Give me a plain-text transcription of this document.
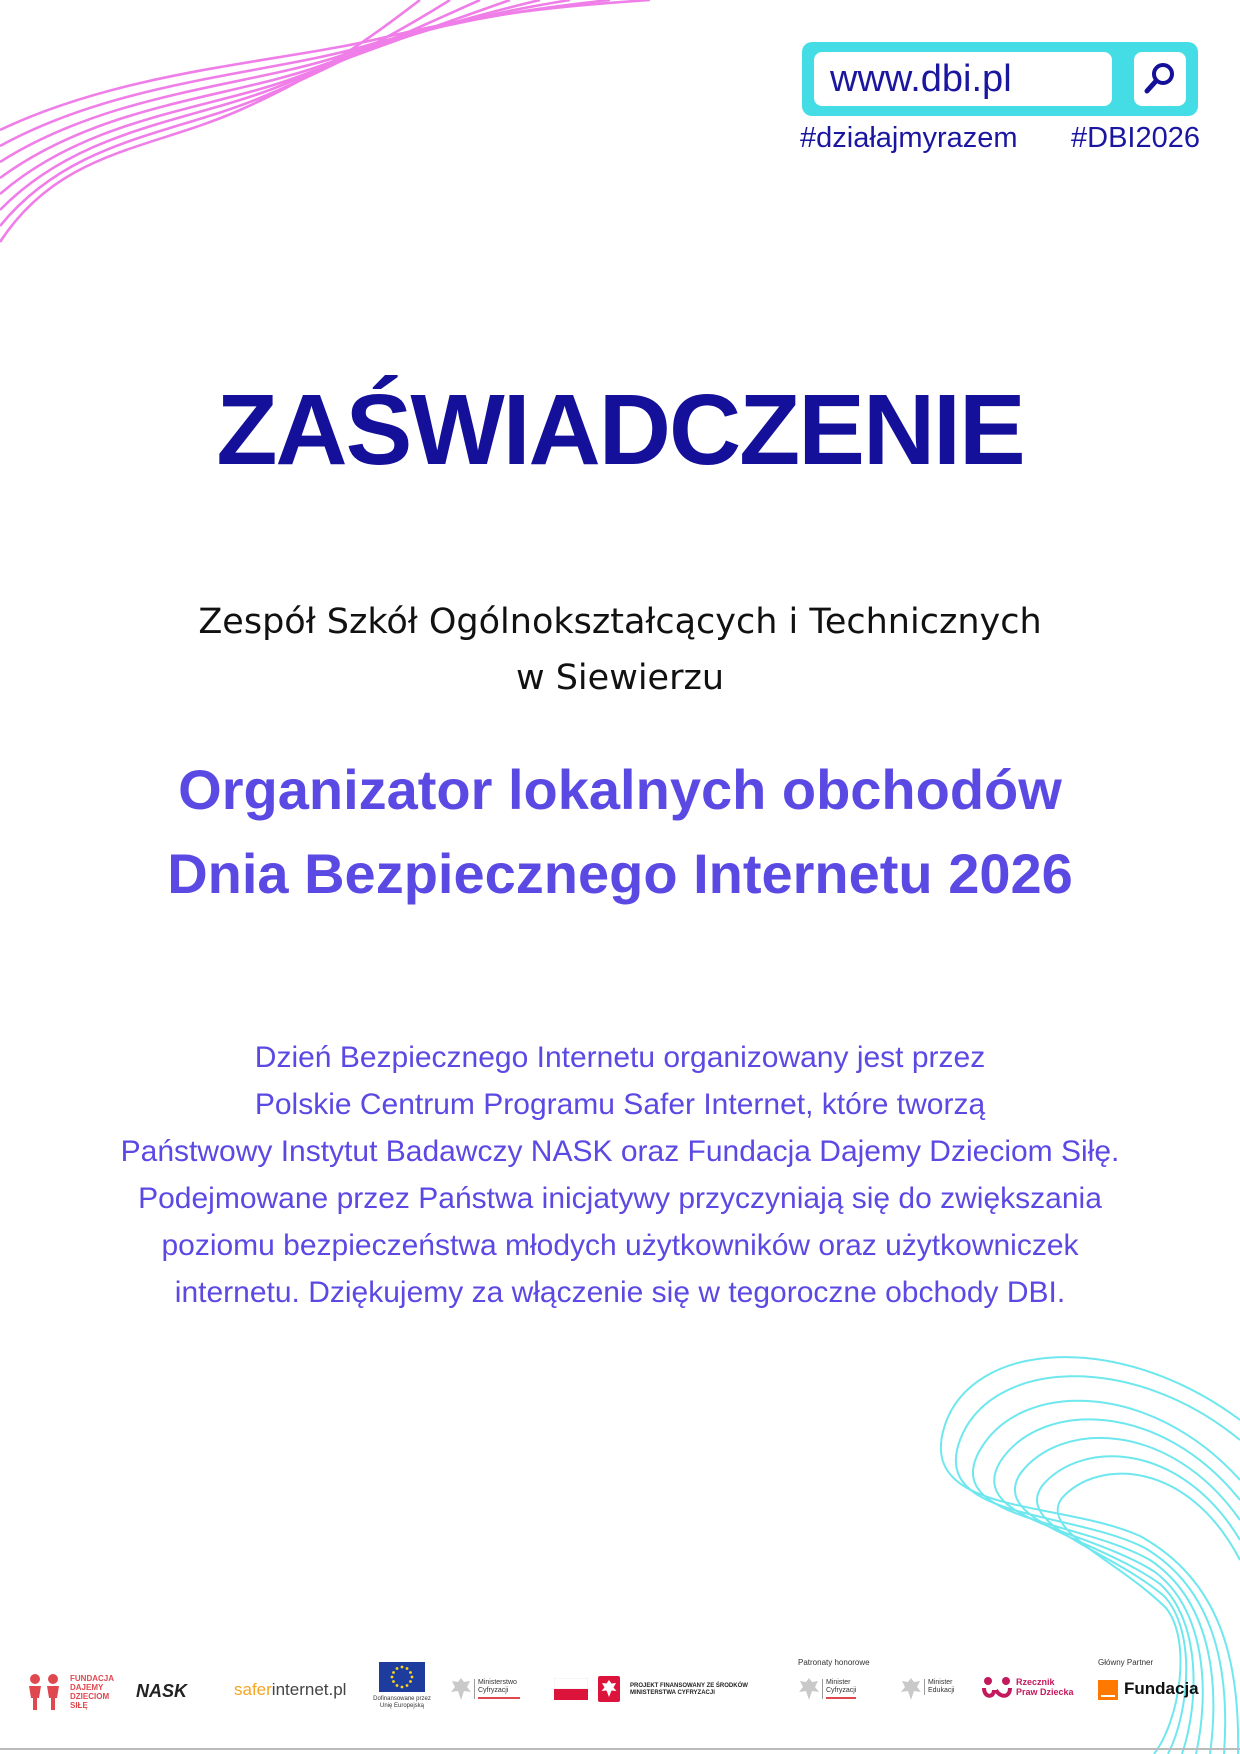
www.dbi.pl
#działajmyrazem #DBI2026
ZAŚWIADCZENIE
Zespół Szkół Ogólnokształcących i Technicznych
w Siewierzu
Organizator lokalnych obchodów
Dnia Bezpiecznego Internetu 2026
Dzień Bezpiecznego Internetu organizowany jest przez
Polskie Centrum Programu Safer Internet, które tworzą
Państwowy Instytut Badawczy NASK oraz Fundacja Dajemy Dzieciom Siłę.
Podejmowane przez Państwa inicjatywy przyczyniają się do zwiększania
poziomu bezpieczeństwa młodych użytkowników oraz użytkowniczek
internetu. Dziękujemy za włączenie się w tegoroczne obchody DBI.
FUNDACJA
DAJEMY
DZIECIOM
SIŁĘ
NASK	saferinternet.pl	Dofinansowane przez
Unię Europejską
Ministerstwo
Cyfryzacji
PROJEKT FINANSOWANY ZE ŚRODKÓW
MINISTERSTWA CYFRYZACJI
Patronaty honorowe
Minister
Cyfryzacji
Minister
Edukacji
Rzecznik
Praw Dziecka
Główny Partner
Fundacja
